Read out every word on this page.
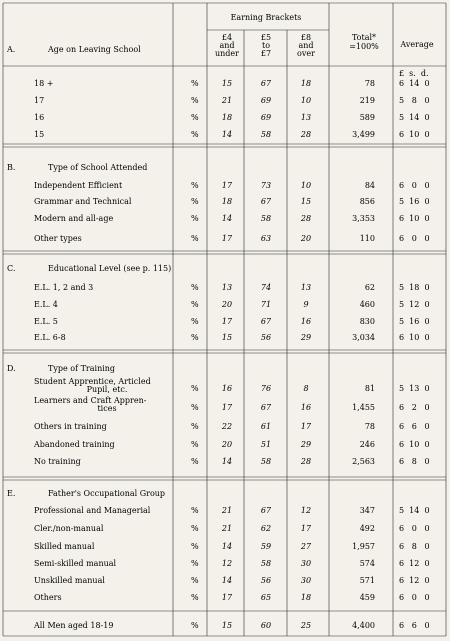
A.	Age on Leaving School
Earning Brackets
£4
and
under
£5
to
£7
£8
and
over
Total*
=100%	Average
£  s.  d.
18 +	%	15	67	18	78	6  14  0
17	%	21	69	10	219	5   8   0
16	%	18	69	13	589	5  14  0
15	%	14	58	28	3,499	6  10  0
B.	Type of School Attended
Independent Efficient	%	17	73	10	84	6   0   0
Grammar and Technical	%	18	67	15	856	5  16  0
Modern and all-age	%	14	58	28	3,353	6  10  0
Other types	%	17	63	20	110	6   0   0
C.	Educational Level (see p. 115)
E.L. 1, 2 and 3	%	13	74	13	62	5  18  0
E.L. 4	%	20	71	9	460	5  12  0
E.L. 5	%	17	67	16	830	5  16  0
E.L. 6-8	%	15	56	29	3,034	6  10  0
D.	Type of Training
Student Apprentice, Articled
Pupil, etc.	%	16	76	8	81	5  13  0
Learners and Craft Appren-
tices	%	17	67	16	1,455	6   2   0
Others in training	%	22	61	17	78	6   6   0
Abandoned training	%	20	51	29	246	6  10  0
No training	%	14	58	28	2,563	6   8   0
E.	Father's Occupational Group
Professional and Managerial	%	21	67	12	347	5  14  0
Cler./non-manual	%	21	62	17	492	6   0   0
Skilled manual	%	14	59	27	1,957	6   8   0
Semi-skilled manual	%	12	58	30	574	6  12  0
Unskilled manual	%	14	56	30	571	6  12  0
Others	%	17	65	18	459	6   0   0
All Men aged 18-19	%	15	60	25	4,400	6   6   0
